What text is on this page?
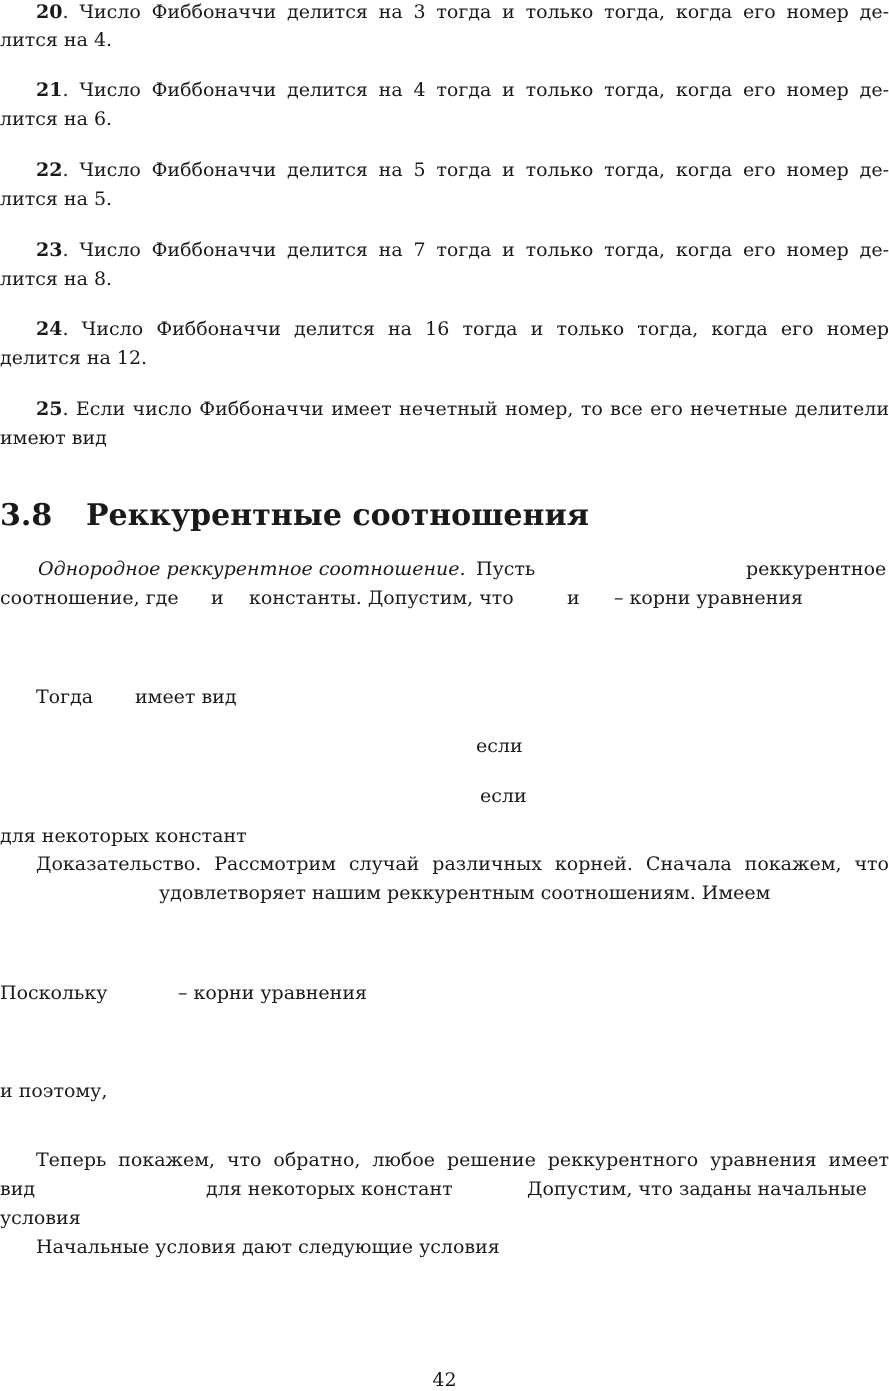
20. Число Фиббоначчи делится на 3 тогда и только тогда, когда его номер де-
лится на 4.
21. Число Фиббоначчи делится на 4 тогда и только тогда, когда его номер де-
лится на 6.
22. Число Фиббоначчи делится на 5 тогда и только тогда, когда его номер де-
лится на 5.
23. Число Фиббоначчи делится на 7 тогда и только тогда, когда его номер де-
лится на 8.
24. Число Фиббоначчи делится на 16 тогда и только тогда, когда его номер
делится на 12.
25. Если число Фиббоначчи имеет нечетный номер, то все его нечетные делители
имеют вид
3.8 Реккурентные соотношения
Однородное реккурентное соотношение. Пусть	реккурентное
соотношение, где и константы. Допустим, что	и – корни уравнения
Тогда имеет вид
если
если
для некоторых констант
Доказательство. Рассмотрим случай различных корней. Сначала покажем, что
удовлетворяет нашим реккурентным соотношениям. Имеем
Поскольку	– корни уравнения
и поэтому,
Теперь покажем, что обратно, любое решение реккурентного уравнения имеет
вид	для некоторых констант	Допустим, что заданы начальные
условия
Начальные условия дают следующие условия
42
